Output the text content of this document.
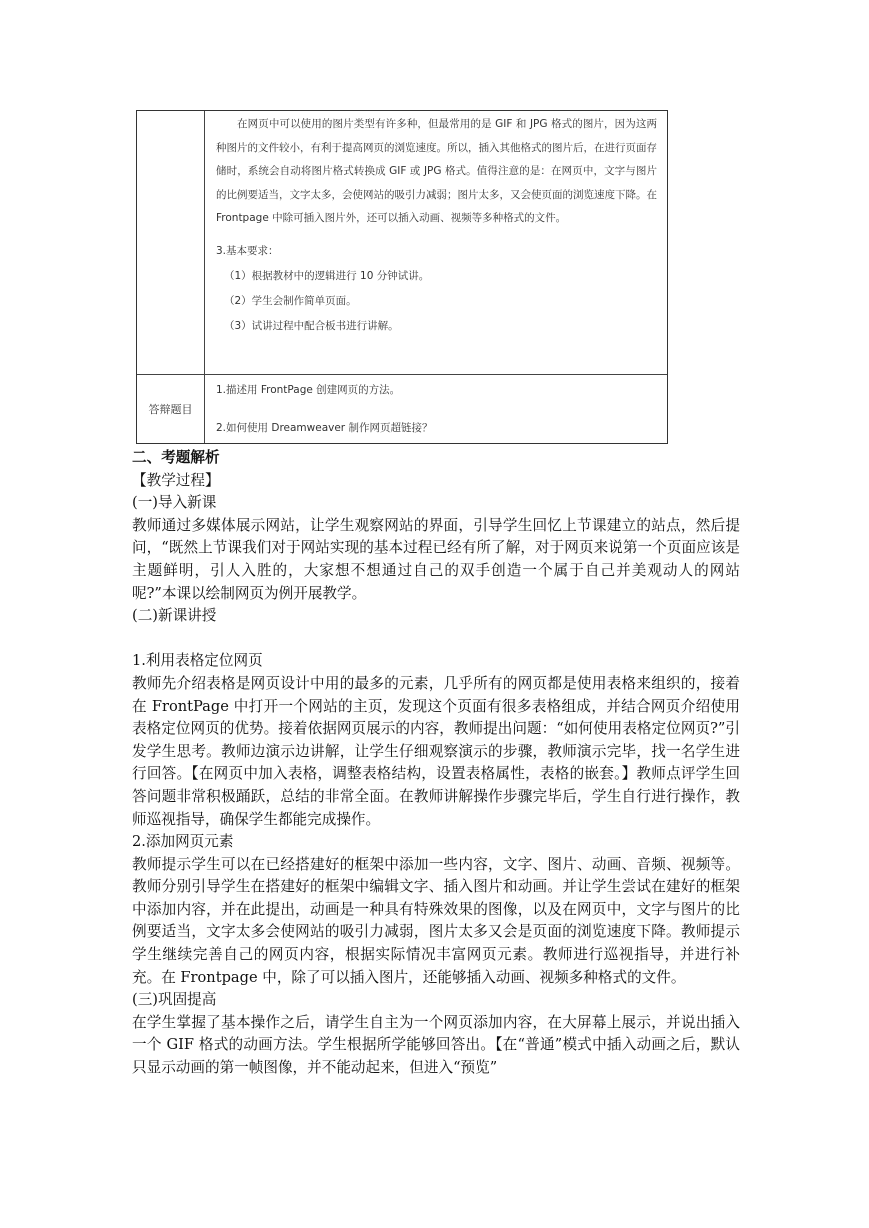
在网页中可以使用的图片类型有许多种，但最常用的是 GIF 和 JPG 格式的图片，因为这两种图片的文件较小，有利于提高网页的浏览速度。所以，插入其他格式的图片后，在进行页面存储时，系统会自动将图片格式转换成 GIF 或 JPG 格式。值得注意的是：在网页中，文字与图片的比例要适当，文字太多，会使网站的吸引力减弱；图片太多，又会使页面的浏览速度下降。在 Frontpage 中除可插入图片外，还可以插入动画、视频等多种格式的文件。
3.基本要求：
（1）根据教材中的逻辑进行 10 分钟试讲。
（2）学生会制作简单页面。
（3）试讲过程中配合板书进行讲解。
答辩题目
1.描述用 FrontPage 创建网页的方法。
2.如何使用 Dreamweaver 制作网页超链接？

二、考题解析

【教学过程】

(一)导入新课

教师通过多媒体展示网站，让学生观察网站的界面，引导学生回忆上节课建立的站点，然后提问，“既然上节课我们对于网站实现的基本过程已经有所了解，对于网页来说第一个页面应该是主题鲜明，引人入胜的，大家想不想通过自己的双手创造一个属于自己并美观动人的网站呢?”本课以绘制网页为例开展教学。

(二)新课讲授

1.利用表格定位网页

教师先介绍表格是网页设计中用的最多的元素，几乎所有的网页都是使用表格来组织的，接着在 FrontPage 中打开一个网站的主页，发现这个页面有很多表格组成，并结合网页介绍使用表格定位网页的优势。接着依据网页展示的内容，教师提出问题：“如何使用表格定位网页?”引发学生思考。教师边演示边讲解，让学生仔细观察演示的步骤，教师演示完毕，找一名学生进行回答。【在网页中加入表格，调整表格结构，设置表格属性，表格的嵌套。】教师点评学生回答问题非常积极踊跃，总结的非常全面。在教师讲解操作步骤完毕后，学生自行进行操作，教师巡视指导，确保学生都能完成操作。

2.添加网页元素

教师提示学生可以在已经搭建好的框架中添加一些内容，文字、图片、动画、音频、视频等。教师分别引导学生在搭建好的框架中编辑文字、插入图片和动画。并让学生尝试在建好的框架中添加内容，并在此提出，动画是一种具有特殊效果的图像，以及在网页中，文字与图片的比例要适当，文字太多会使网站的吸引力减弱，图片太多又会是页面的浏览速度下降。教师提示学生继续完善自己的网页内容，根据实际情况丰富网页元素。教师进行巡视指导，并进行补充。在 Frontpage 中，除了可以插入图片，还能够插入动画、视频多种格式的文件。

(三)巩固提高

在学生掌握了基本操作之后，请学生自主为一个网页添加内容，在大屏幕上展示，并说出插入一个 GIF 格式的动画方法。学生根据所学能够回答出。【在“普通”模式中插入动画之后，默认只显示动画的第一帧图像，并不能动起来，但进入“预览”
